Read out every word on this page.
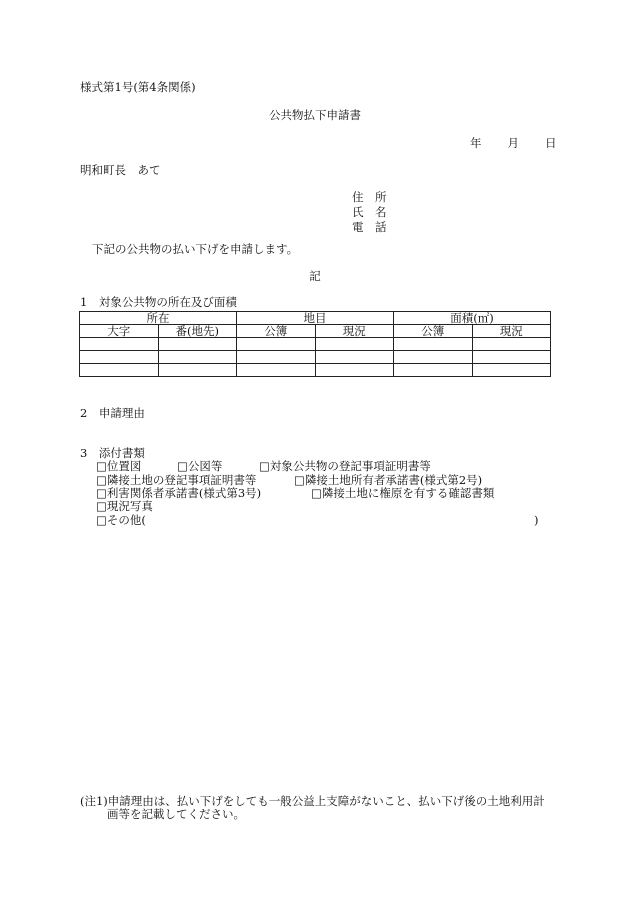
様式第1号(第4条関係)
公共物払下申請書
年 月 日
明和町長　あて
住　所
氏　名
電　話
下記の公共物の払い下げを申請します。
記
1　対象公共物の所在及び面積
所在		地目		面積(㎡)	
大字	番(地先)	公簿	現況	公簿	現況

2　申請理由
3　添付書類
□位置図	□公図等	□対象公共物の登記事項証明書等
□隣接土地の登記事項証明書等	□隣接土地所有者承諾書(様式第2号)
□利害関係者承諾書(様式第3号)	□隣接土地に権原を有する確認書類
□現況写真
□その他(	)
(注1)申請理由は、払い下げをしても一般公益上支障がないこと、払い下げ後の土地利用計
画等を記載してください。
